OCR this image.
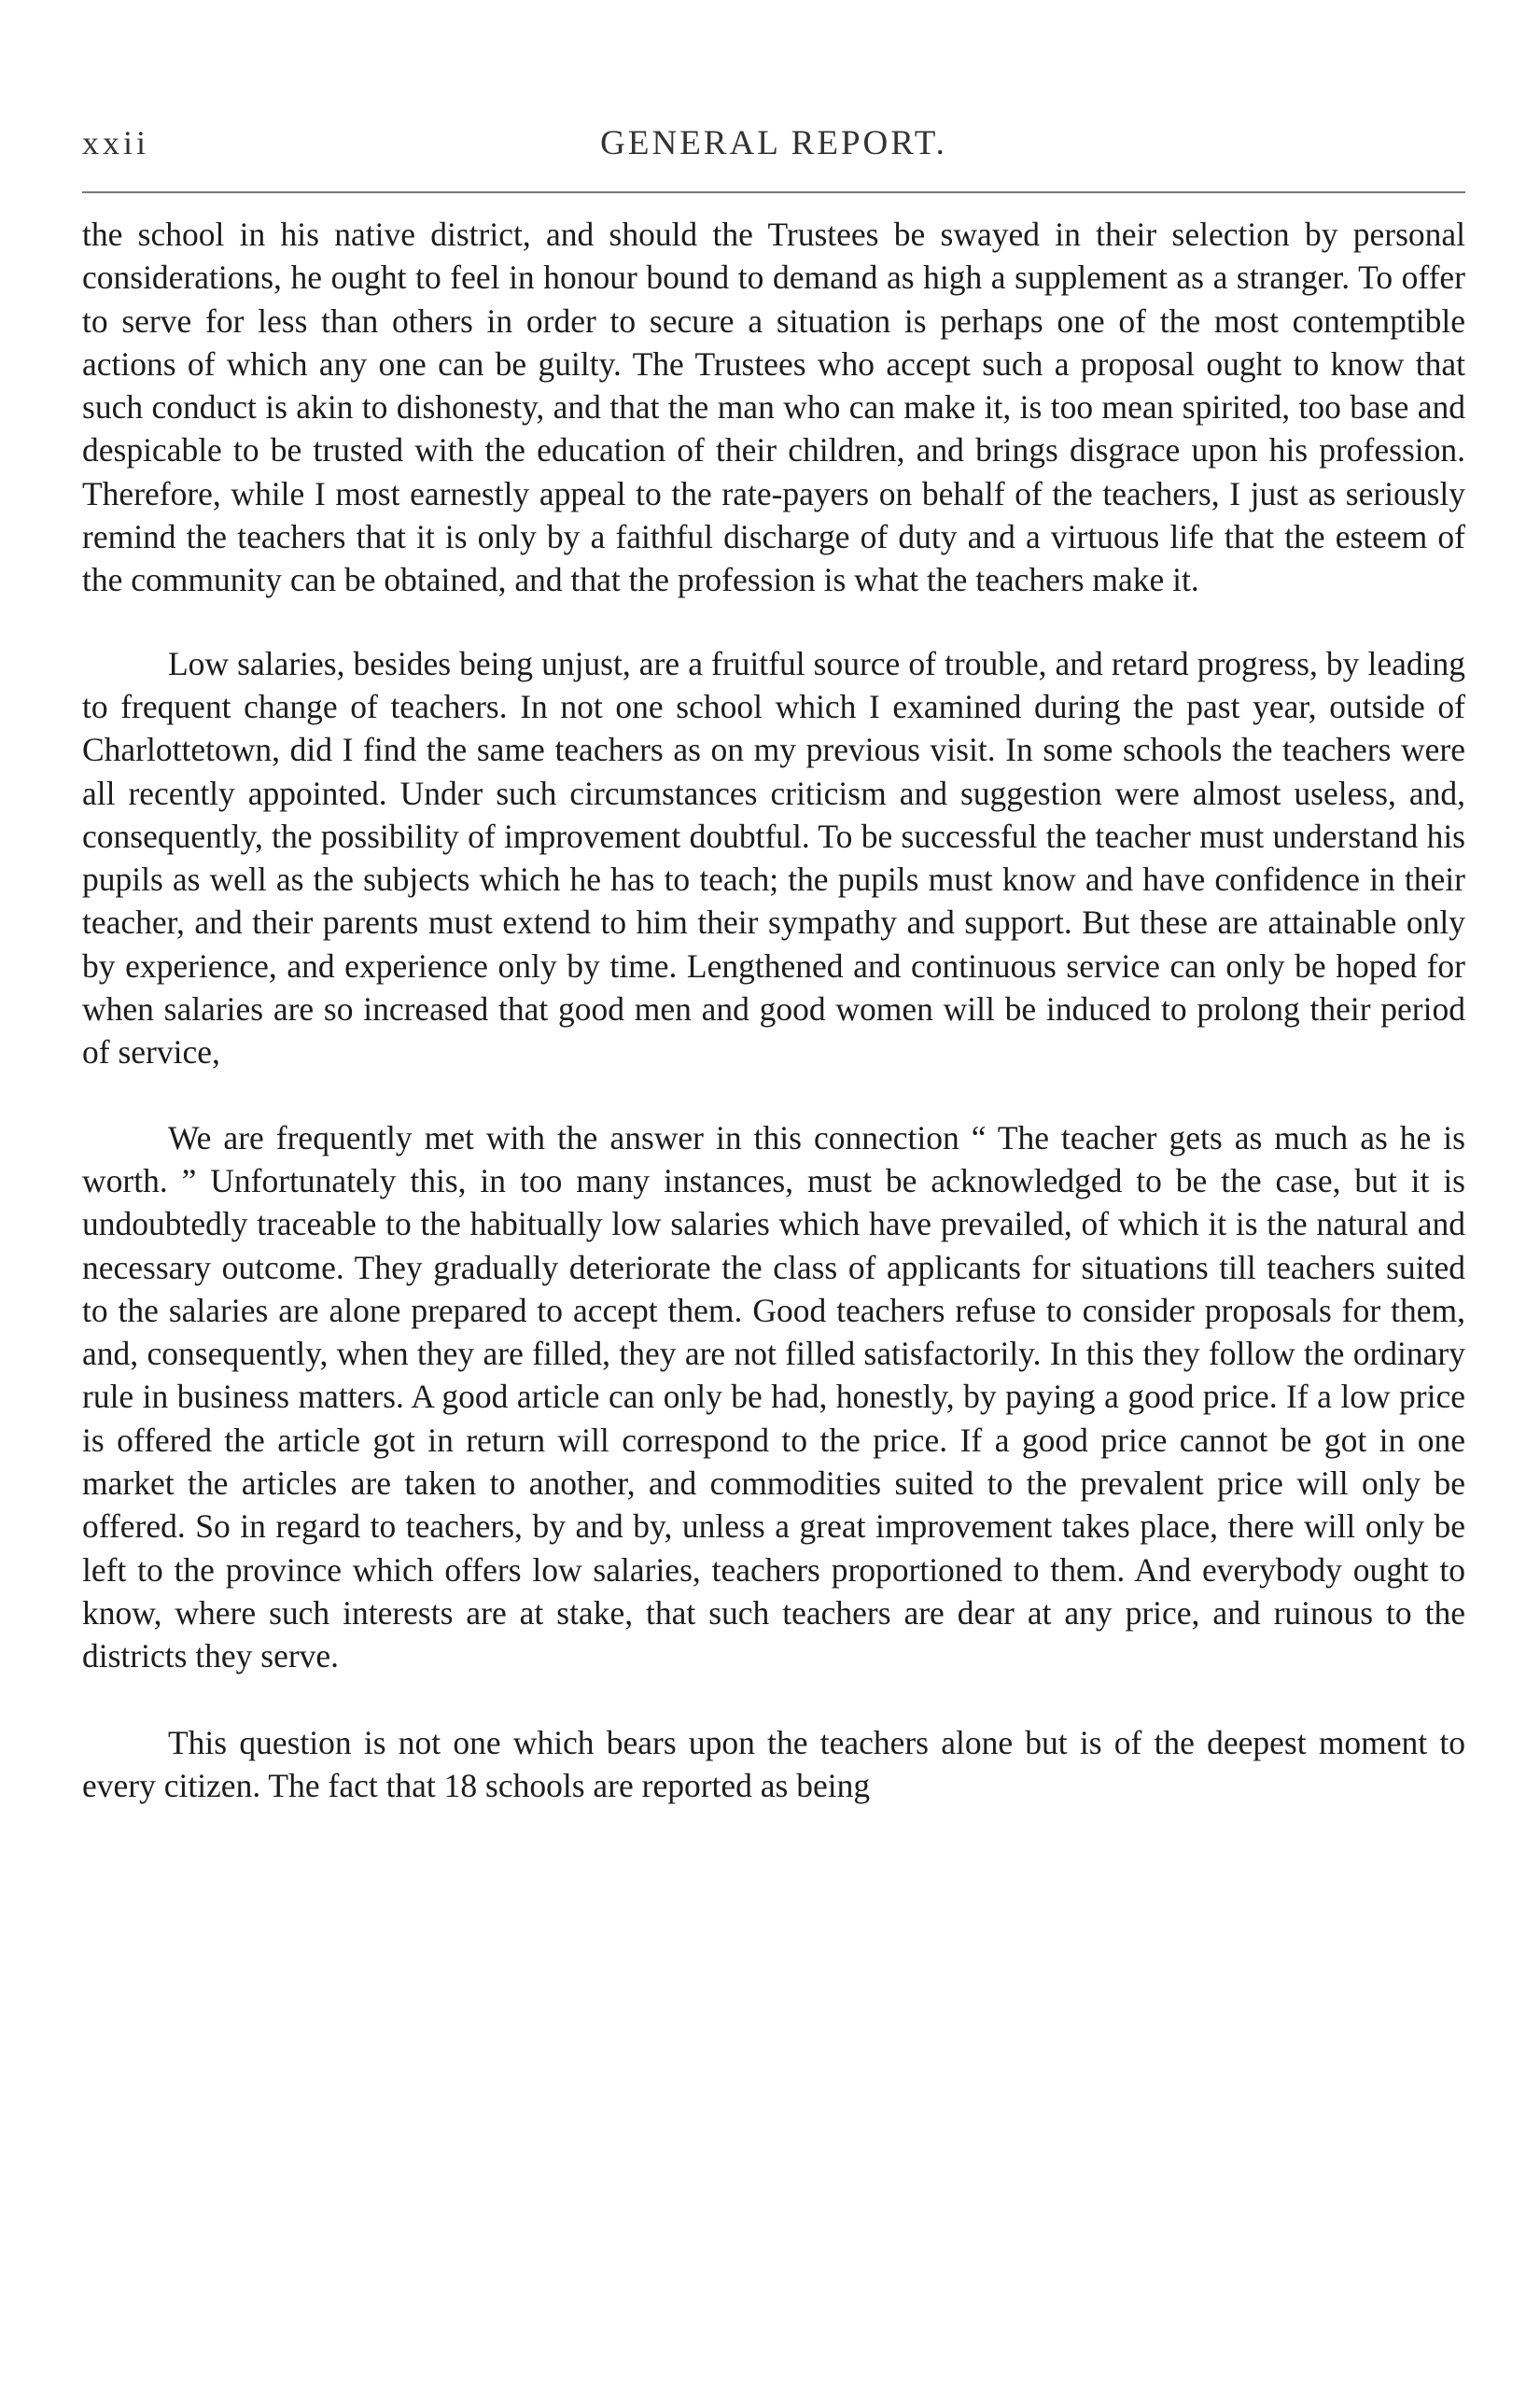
xxii	GENERAL REPORT.

the school in his native district, and should the Trustees be swayed in their selection by personal considerations, he ought to feel in honour bound to demand as high a supplement as a stranger. To offer to serve for less than others in order to secure a situation is perhaps one of the most contemptible actions of which any one can be guilty. The Trustees who accept such a proposal ought to know that such conduct is akin to dishonesty, and that the man who can make it, is too mean spirited, too base and despicable to be trusted with the education of their children, and brings disgrace upon his profession. Therefore, while I most earnestly appeal to the rate-payers on behalf of the teachers, I just as seriously remind the teachers that it is only by a faithful discharge of duty and a virtuous life that the esteem of the community can be obtained, and that the profession is what the teachers make it.

Low salaries, besides being unjust, are a fruitful source of trouble, and retard progress, by leading to frequent change of teachers. In not one school which I examined during the past year, outside of Charlottetown, did I find the same teachers as on my previous visit. In some schools the teachers were all recently appointed. Under such circumstances criticism and suggestion were almost useless, and, consequently, the possibility of improvement doubtful. To be successful the teacher must understand his pupils as well as the subjects which he has to teach; the pupils must know and have confidence in their teacher, and their parents must extend to him their sympathy and support. But these are attainable only by experience, and experience only by time. Lengthened and continuous service can only be hoped for when salaries are so increased that good men and good women will be induced to prolong their period of service,

We are frequently met with the answer in this connection “ The teacher gets as much as he is worth. ” Unfortunately this, in too many instances, must be acknowledged to be the case, but it is undoubtedly traceable to the habitually low salaries which have prevailed, of which it is the natural and necessary outcome. They gradually deteriorate the class of applicants for situations till teachers suited to the salaries are alone prepared to accept them. Good teachers refuse to consider proposals for them, and, consequently, when they are filled, they are not filled satisfactorily. In this they follow the ordinary rule in business matters. A good article can only be had, honestly, by paying a good price. If a low price is offered the article got in return will correspond to the price. If a good price cannot be got in one market the articles are taken to another, and commodities suited to the prevalent price will only be offered. So in regard to teachers, by and by, unless a great improvement takes place, there will only be left to the province which offers low salaries, teachers proportioned to them. And everybody ought to know, where such interests are at stake, that such teachers are dear at any price, and ruinous to the districts they serve.

This question is not one which bears upon the teachers alone but is of the deepest moment to every citizen. The fact that 18 schools are reported as being
